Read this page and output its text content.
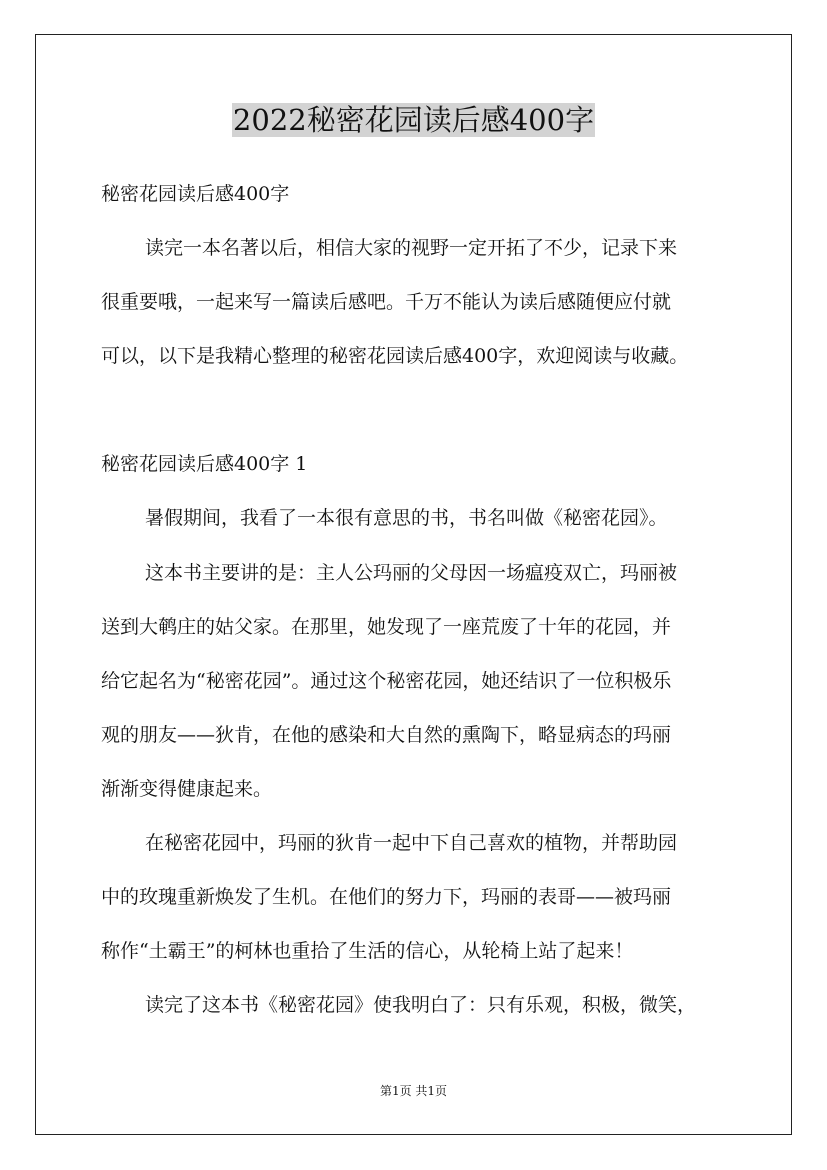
2022秘密花园读后感400字

秘密花园读后感400字

读完一本名著以后，相信大家的视野一定开拓了不少，记录下来

很重要哦，一起来写一篇读后感吧。千万不能认为读后感随便应付就

可以，以下是我精心整理的秘密花园读后感400字，欢迎阅读与收藏。

秘密花园读后感400字 1

暑假期间，我看了一本很有意思的书，书名叫做《秘密花园》。

这本书主要讲的是：主人公玛丽的父母因一场瘟疫双亡，玛丽被

送到大鹌庄的姑父家。在那里，她发现了一座荒废了十年的花园，并

给它起名为“秘密花园”。通过这个秘密花园，她还结识了一位积极乐

观的朋友——狄肯，在他的感染和大自然的熏陶下，略显病态的玛丽

渐渐变得健康起来。

在秘密花园中，玛丽的狄肯一起中下自己喜欢的植物，并帮助园

中的玫瑰重新焕发了生机。在他们的努力下，玛丽的表哥——被玛丽

称作“土霸王”的柯林也重拾了生活的信心，从轮椅上站了起来！

读完了这本书《秘密花园》使我明白了：只有乐观，积极，微笑，

第1页 共1页
